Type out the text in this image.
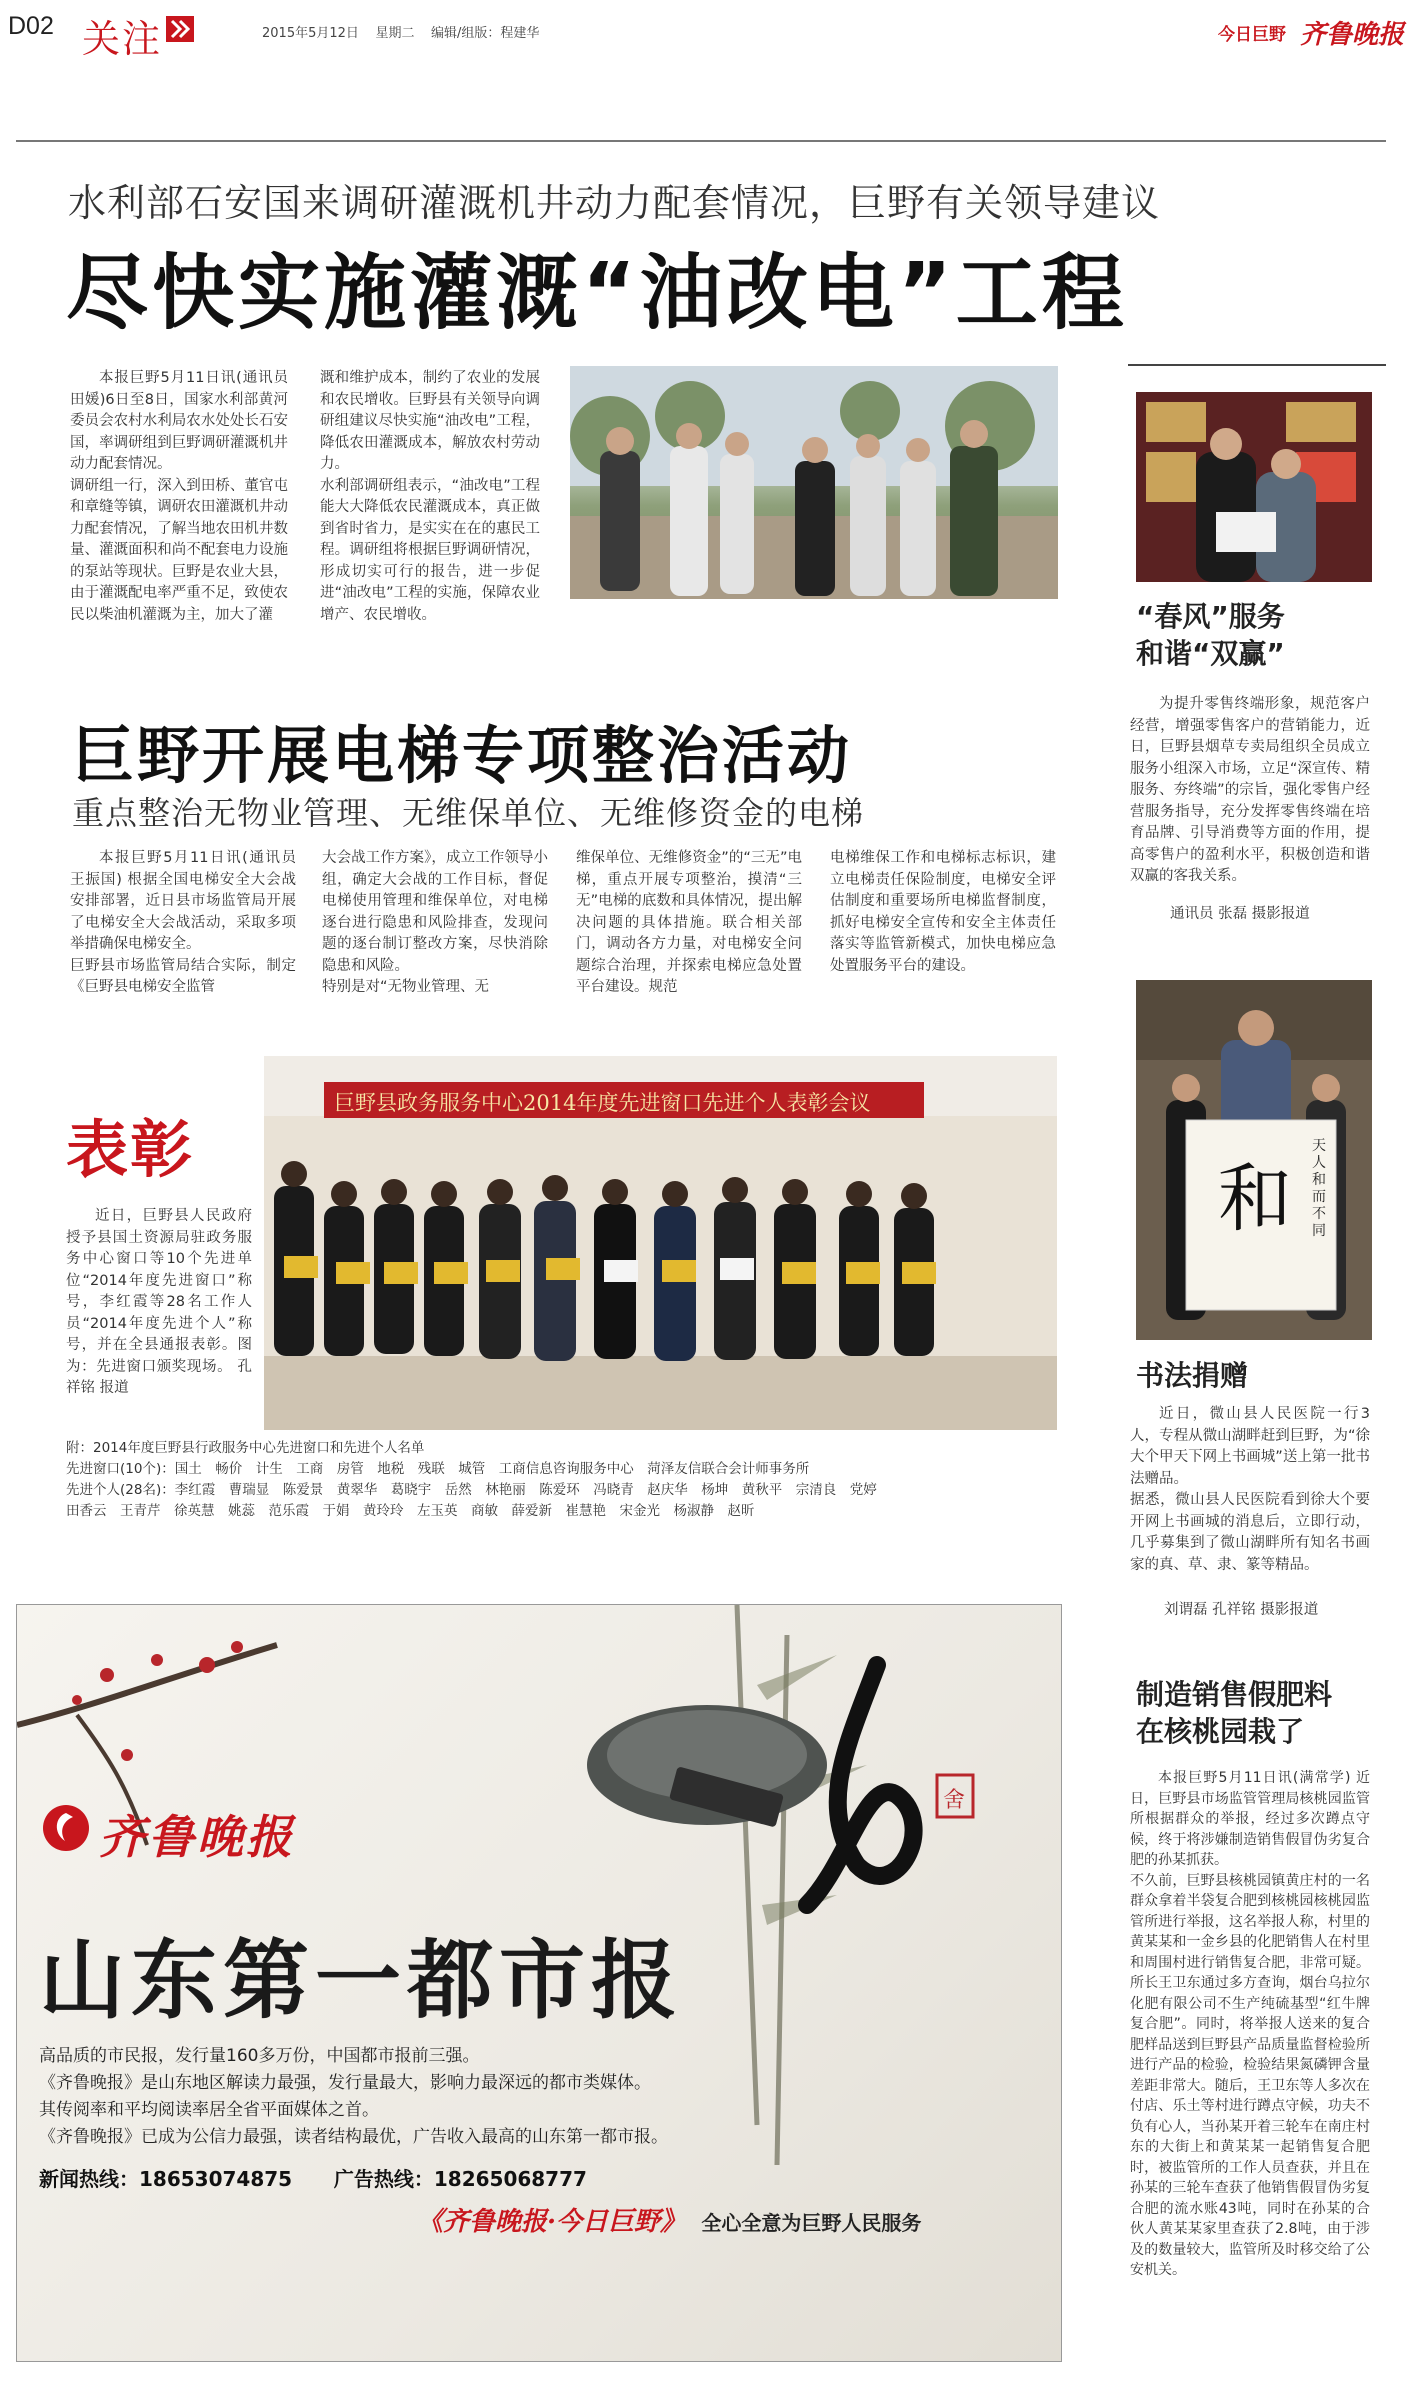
D02 关注	2015年5月12日 星期二 编辑/组版：程建华	今日巨野 齐鲁晚报
水利部石安国来调研灌溉机井动力配套情况，巨野有关领导建议
尽快实施灌溉“油改电”工程
本报巨野5月11日讯(通讯员 田媛)6日至8日，国家水利部黄河委员会农村水利局农水处处长石安国，率调研组到巨野调研灌溉机井动力配套情况。
调研组一行，深入到田桥、董官屯和章缝等镇，调研农田灌溉机井动力配套情况，了解当地农田机井数量、灌溉面积和尚不配套电力设施的泵站等现状。巨野是农业大县，由于灌溉配电率严重不足，致使农民以柴油机灌溉为主，加大了灌
溉和维护成本，制约了农业的发展和农民增收。巨野县有关领导向调研组建议尽快实施“油改电”工程，降低农田灌溉成本，解放农村劳动力。
水利部调研组表示，“油改电”工程能大大降低农民灌溉成本，真正做到省时省力，是实实在在的惠民工程。调研组将根据巨野调研情况，形成切实可行的报告，进一步促进“油改电”工程的实施，保障农业增产、农民增收。
巨野开展电梯专项整治活动
重点整治无物业管理、无维保单位、无维修资金的电梯
本报巨野5月11日讯(通讯员 王振国) 根据全国电梯安全大会战安排部署，近日县市场监管局开展了电梯安全大会战活动，采取多项举措确保电梯安全。
巨野县市场监管局结合实际，制定《巨野县电梯安全监管
大会战工作方案》，成立工作领导小组，确定大会战的工作目标，督促电梯使用管理和维保单位，对电梯逐台进行隐患和风险排查，发现问题的逐台制订整改方案，尽快消除隐患和风险。
特别是对“无物业管理、无
维保单位、无维修资金”的“三无”电梯，重点开展专项整治，摸清“三无”电梯的底数和具体情况，提出解决问题的具体措施。联合相关部门，调动各方力量，对电梯安全问题综合治理，并探索电梯应急处置平台建设。规范
电梯维保工作和电梯标志标识，建立电梯责任保险制度，电梯安全评估制度和重要场所电梯监督制度，抓好电梯安全宣传和安全主体责任落实等监管新模式，加快电梯应急处置服务平台的建设。
表彰
近日，巨野县人民政府授予县国土资源局驻政务服务中心窗口等10个先进单位“2014年度先进窗口”称号，李红霞等28名工作人员“2014年度先进个人”称号，并在全县通报表彰。图为：先进窗口颁奖现场。 孔祥铭 报道
巨野县政务服务中心2014年度先进窗口先进个人表彰会议
附：2014年度巨野县行政服务中心先进窗口和先进个人名单
先进窗口(10个)：国土　畅价　计生　工商　房管　地税　残联　城管　工商信息咨询服务中心　菏泽友信联合会计师事务所
先进个人(28名)：李红霞　曹瑞显　陈爱景　黄翠华　葛晓宇　岳然　林艳丽　陈爱环　冯晓青　赵庆华　杨坤　黄秋平　宗清良　党婷
田香云　王青芹　徐英慧　姚蕊　范乐霞　于娟　黄玲玲　左玉英　商敏　薛爱新　崔慧艳　宋金光　杨淑静　赵昕
舍
齐鲁晚报
山东第一都市报
高品质的市民报，发行量160多万份，中国都市报前三强。
《齐鲁晚报》是山东地区解读力最强，发行量最大，影响力最深远的都市类媒体。
其传阅率和平均阅读率居全省平面媒体之首。
《齐鲁晚报》已成为公信力最强，读者结构最优，广告收入最高的山东第一都市报。
新闻热线：18653074875 广告热线：18265068777
《齐鲁晚报·今日巨野》 全心全意为巨野人民服务
“春风”服务
和谐“双赢”
为提升零售终端形象，规范客户经营，增强零售客户的营销能力，近日，巨野县烟草专卖局组织全员成立服务小组深入市场，立足“深宣传、精服务、夯终端”的宗旨，强化零售户经营服务指导，充分发挥零售终端在培育品牌、引导消费等方面的作用，提高零售户的盈利水平，积极创造和谐双赢的客我关系。
通讯员 张磊 摄影报道
和
天人和而不同
书法捐赠
近日，微山县人民医院一行3人，专程从微山湖畔赶到巨野，为“徐大个甲天下网上书画城”送上第一批书法赠品。
据悉，微山县人民医院看到徐大个要开网上书画城的消息后，立即行动，几乎募集到了微山湖畔所有知名书画家的真、草、隶、篆等精品。
刘谓磊 孔祥铭 摄影报道
制造销售假肥料
在核桃园栽了
本报巨野5月11日讯(满常学) 近日，巨野县市场监管管理局核桃园监管所根据群众的举报，经过多次蹲点守候，终于将涉嫌制造销售假冒伪劣复合肥的孙某抓获。
不久前，巨野县核桃园镇黄庄村的一名群众拿着半袋复合肥到核桃园核桃园监管所进行举报，这名举报人称，村里的黄某某和一金乡县的化肥销售人在村里和周围村进行销售复合肥，非常可疑。所长王卫东通过多方查询，烟台乌拉尔化肥有限公司不生产纯硫基型“红牛牌复合肥”。同时，将举报人送来的复合肥样品送到巨野县产品质量监督检验所进行产品的检验，检验结果氮磷钾含量差距非常大。随后，王卫东等人多次在付店、乐土等村进行蹲点守候，功夫不负有心人，当孙某开着三轮车在南庄村东的大街上和黄某某一起销售复合肥时，被监管所的工作人员查获，并且在孙某的三轮车查获了他销售假冒伪劣复合肥的流水账43吨，同时在孙某的合伙人黄某某家里查获了2.8吨，由于涉及的数量较大，监管所及时移交给了公安机关。
